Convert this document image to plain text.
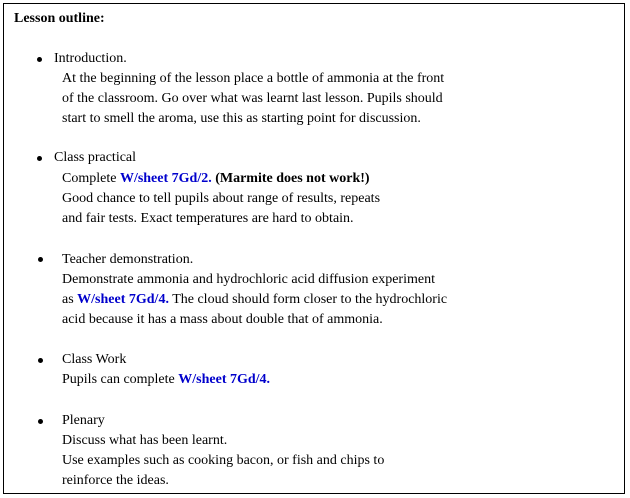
Lesson outline:
Introduction.
At the beginning of the lesson place a bottle of ammonia at the front
of the classroom. Go over what was learnt last lesson. Pupils should
start to smell the aroma, use this as starting point for discussion.
Class practical
Complete W/sheet 7Gd/2. (Marmite does not work!)
Good chance to tell pupils about range of results, repeats
and fair tests. Exact temperatures are hard to obtain.
Teacher demonstration.
Demonstrate ammonia and hydrochloric acid diffusion experiment
as W/sheet 7Gd/4. The cloud should form closer to the hydrochloric
acid because it has a mass about double that of ammonia.
Class Work
Pupils can complete W/sheet 7Gd/4.
Plenary
Discuss what has been learnt.
Use examples such as cooking bacon, or fish and chips to
reinforce the ideas.
